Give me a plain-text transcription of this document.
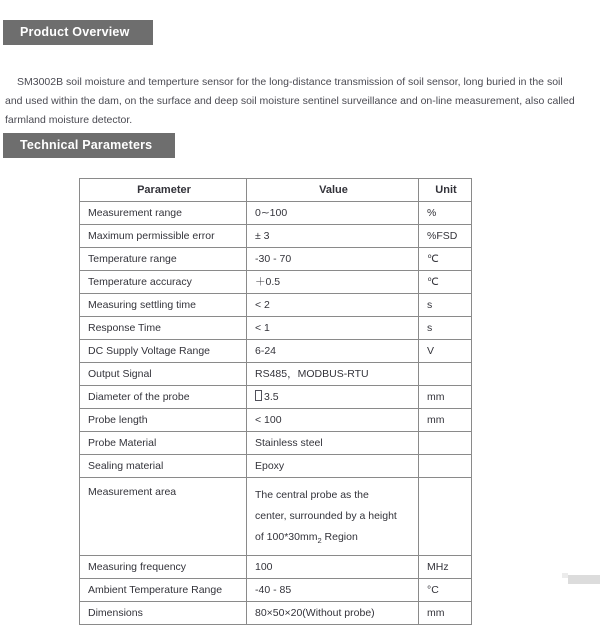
Product Overview

SM3002B soil moisture and temperture sensor for the long-distance transmission of soil sensor, long buried in the soil and used within the dam, on the surface and deep soil moisture sentinel surveillance and on-line measurement, also called farmland moisture detector.

Technical Parameters
Parameter	Value	Unit
Measurement range	0∼100	%
Maximum permissible error	± 3	%FSD
Temperature range	-30 - 70	℃
Temperature accuracy	＋0.5	℃
Measuring settling time	< 2	s
Response Time	< 1	s
DC Supply Voltage Range	6-24	V
Output Signal	RS485，MODBUS-RTU	
Diameter of the probe	3.5	mm
Probe length	< 100	mm
Probe Material	Stainless steel	
Sealing material	Epoxy	
Measurement area	The central probe as the
center, surrounded by a height
of $100*30mm_2$ Region	

Measuring frequency	100	MHz
Ambient Temperature Range	-40 - 85	°C
Dimensions	80×50×20(Without probe)	mm
